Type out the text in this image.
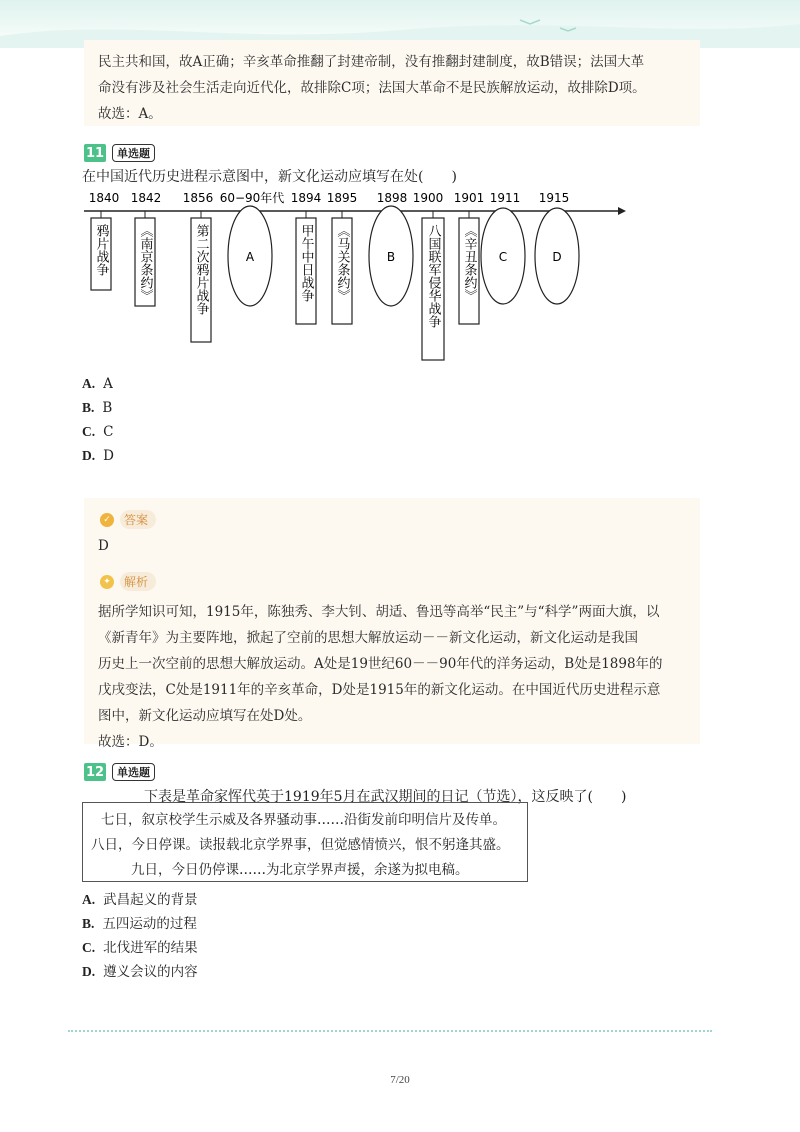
民主共和国，故A正确；辛亥革命推翻了封建帝制，没有推翻封建制度，故B错误；法国大革
命没有涉及社会生活走向近代化，故排除C项；法国大革命不是民族解放运动，故排除D项。
故选：A。
11	单选题
在中国近代历史进程示意图中，新文化运动应填写在处(　　)
1840 1842 1856 60−90年代 1894 1895 1898 1900 1901 1911 1915
鸦片战争 《南京条约》	第二次鸦片战争	甲午中日战争 《马关条约》	八国联军侵华战争 《辛丑条约》
A	B	C	D
A. A
B. B
C. C
D. D
✓	答案
D
✦	解析
据所学知识可知，1915年，陈独秀、李大钊、胡适、鲁迅等高举“民主”与“科学”两面大旗，以
《新青年》为主要阵地，掀起了空前的思想大解放运动－－新文化运动，新文化运动是我国
历史上一次空前的思想大解放运动。A处是19世纪60－－90年代的洋务运动，B处是1898年的
戊戌变法，C处是1911年的辛亥革命，D处是1915年的新文化运动。在中国近代历史进程示意
图中，新文化运动应填写在处D处。
故选：D。
12	单选题
下表是革命家恽代英于1919年5月在武汉期间的日记（节选），这反映了(　　)
七日，叙京校学生示威及各界骚动事……沿街发前印明信片及传单。
八日，今日停课。读报载北京学界事，但觉感情愤兴，恨不躬逢其盛。
九日，今日仍停课……为北京学界声援，余遂为拟电稿。
A. 武昌起义的背景
B. 五四运动的过程
C. 北伐进军的结果
D. 遵义会议的内容
7/20
